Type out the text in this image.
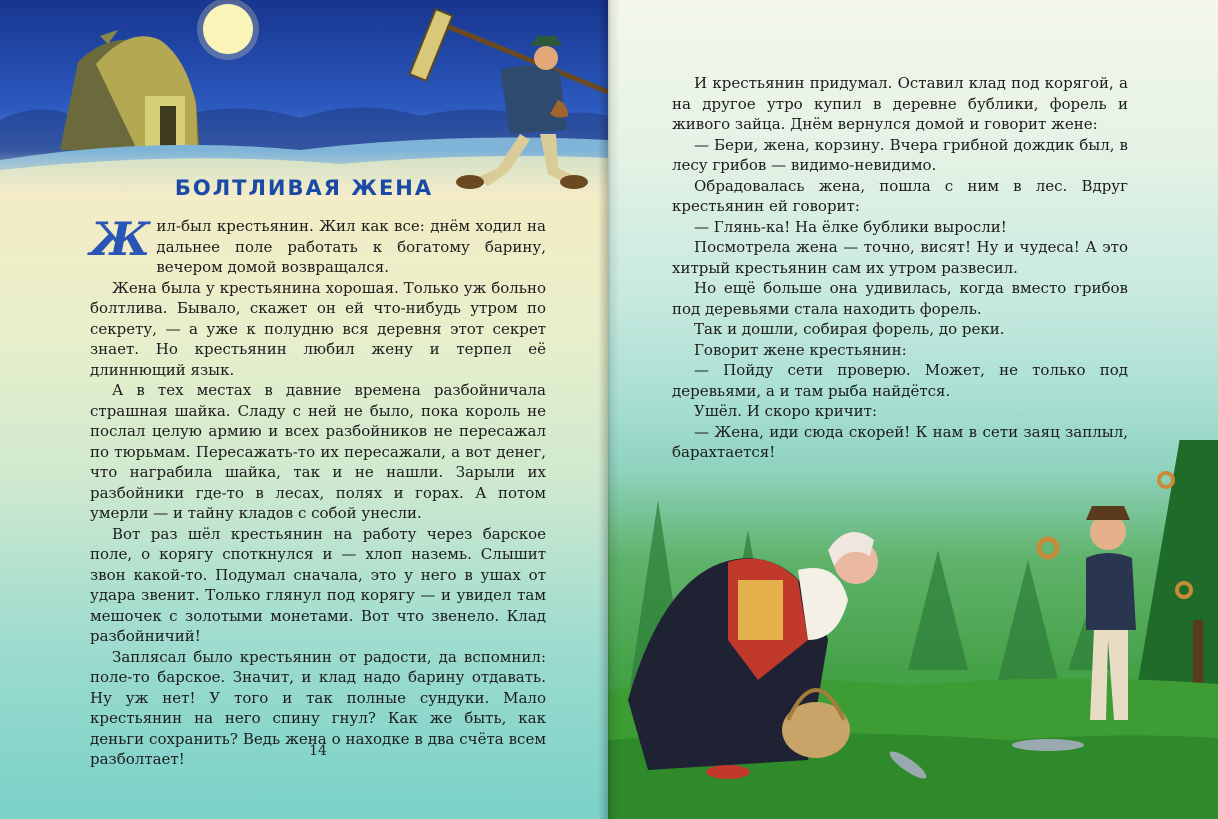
БОЛТЛИВАЯ ЖЕНА

Жил-был крестьянин. Жил как все: днём ходил на дальнее поле работать к богатому барину, вечером домой возвращался.

Жена была у крестьянина хорошая. Только уж больно болтлива. Бывало, скажет он ей что-нибудь утром по секрету, — а уже к полудню вся деревня этот секрет знает. Но крестьянин любил жену и терпел её длиннющий язык.

А в тех местах в давние времена разбойничала страшная шайка. Сладу с ней не было, пока король не послал целую армию и всех разбойников не пересажал по тюрьмам. Пересажать-то их пересажали, а вот денег, что награбила шайка, так и не нашли. Зарыли их разбойники где-то в лесах, полях и горах. А потом умерли — и тайну кладов с собой унесли.

Вот раз шёл крестьянин на работу через барское поле, о корягу споткнулся и — хлоп наземь. Слышит звон какой-то. Подумал сначала, это у него в ушах от удара звенит. Только глянул под корягу — и увидел там мешочек с золотыми монетами. Вот что звенело. Клад разбойничий!

Заплясал было крестьянин от радости, да вспомнил: поле-то барское. Значит, и клад надо барину отдавать. Ну уж нет! У того и так полные сундуки. Мало крестьянин на него спину гнул? Как же быть, как деньги сохранить? Ведь жена о находке в два счёта всем разболтает!	14

И крестьянин придумал. Оставил клад под корягой, а на другое утро купил в деревне бублики, форель и живого зайца. Днём вернулся домой и говорит жене:

— Бери, жена, корзину. Вчера грибной дождик был, в лесу грибов — видимо-невидимо.

Обрадовалась жена, пошла с ним в лес. Вдруг крестьянин ей говорит:

— Глянь-ка! На ёлке бублики выросли!

Посмотрела жена — точно, висят! Ну и чудеса! А это хитрый крестьянин сам их утром развесил.

Но ещё больше она удивилась, когда вместо грибов под деревьями стала находить форель.

Так и дошли, собирая форель, до реки.

Говорит жене крестьянин:

— Пойду сети проверю. Может, не только под деревьями, а и там рыба найдётся.

Ушёл. И скоро кричит:

— Жена, иди сюда скорей! К нам в сети заяц заплыл, барахтается!
